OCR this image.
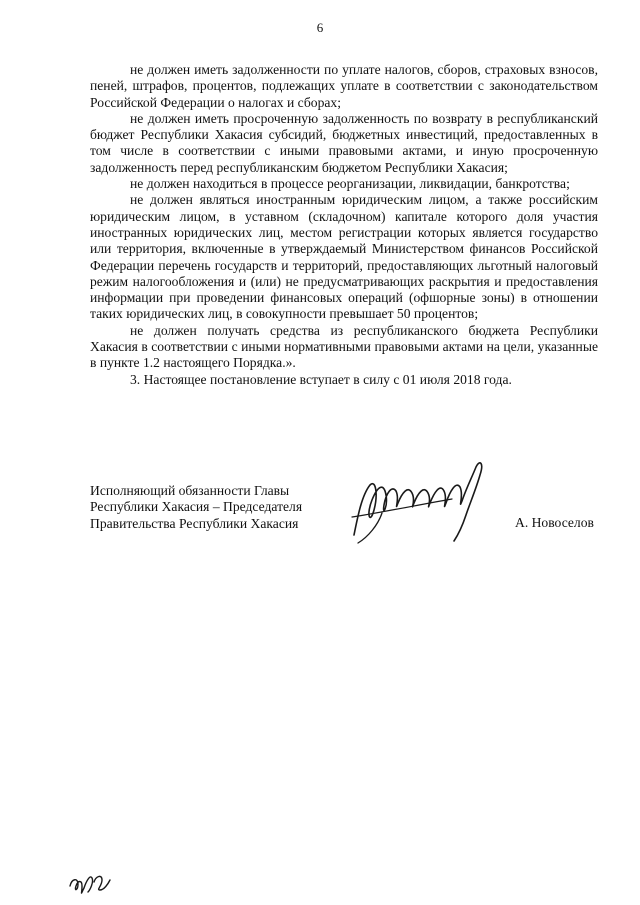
6

не должен иметь задолженности по уплате налогов, сборов, страховых взносов, пеней, штрафов, процентов, подлежащих уплате в соответствии с законодательством Российской Федерации о налогах и сборах;

не должен иметь просроченную задолженность по возврату в республиканский бюджет Республики Хакасия субсидий, бюджетных инвестиций, предоставленных в том числе в соответствии с иными правовыми актами, и иную просроченную задолженность перед республиканским бюджетом Республики Хакасия;

не должен находиться в процессе реорганизации, ликвидации, банкротства;

не должен являться иностранным юридическим лицом, а также российским юридическим лицом, в уставном (складочном) капитале которого доля участия иностранных юридических лиц, местом регистрации которых является государство или территория, включенные в утверждаемый Министерством финансов Российской Федерации перечень государств и территорий, предоставляющих льготный налоговый режим налогообложения и (или) не предусматривающих раскрытия и предоставления информации при проведении финансовых операций (офшорные зоны) в отношении таких юридических лиц, в совокупности превышает 50 процентов;

не должен получать средства из республиканского бюджета Республики Хакасия в соответствии с иными нормативными правовыми актами на цели, указанные в пункте 1.2 настоящего Порядка.».

3. Настоящее постановление вступает в силу с 01 июля 2018 года.

Исполняющий обязанности Главы
Республики Хакасия – Председателя
Правительства Республики Хакасия	А. Новоселов
